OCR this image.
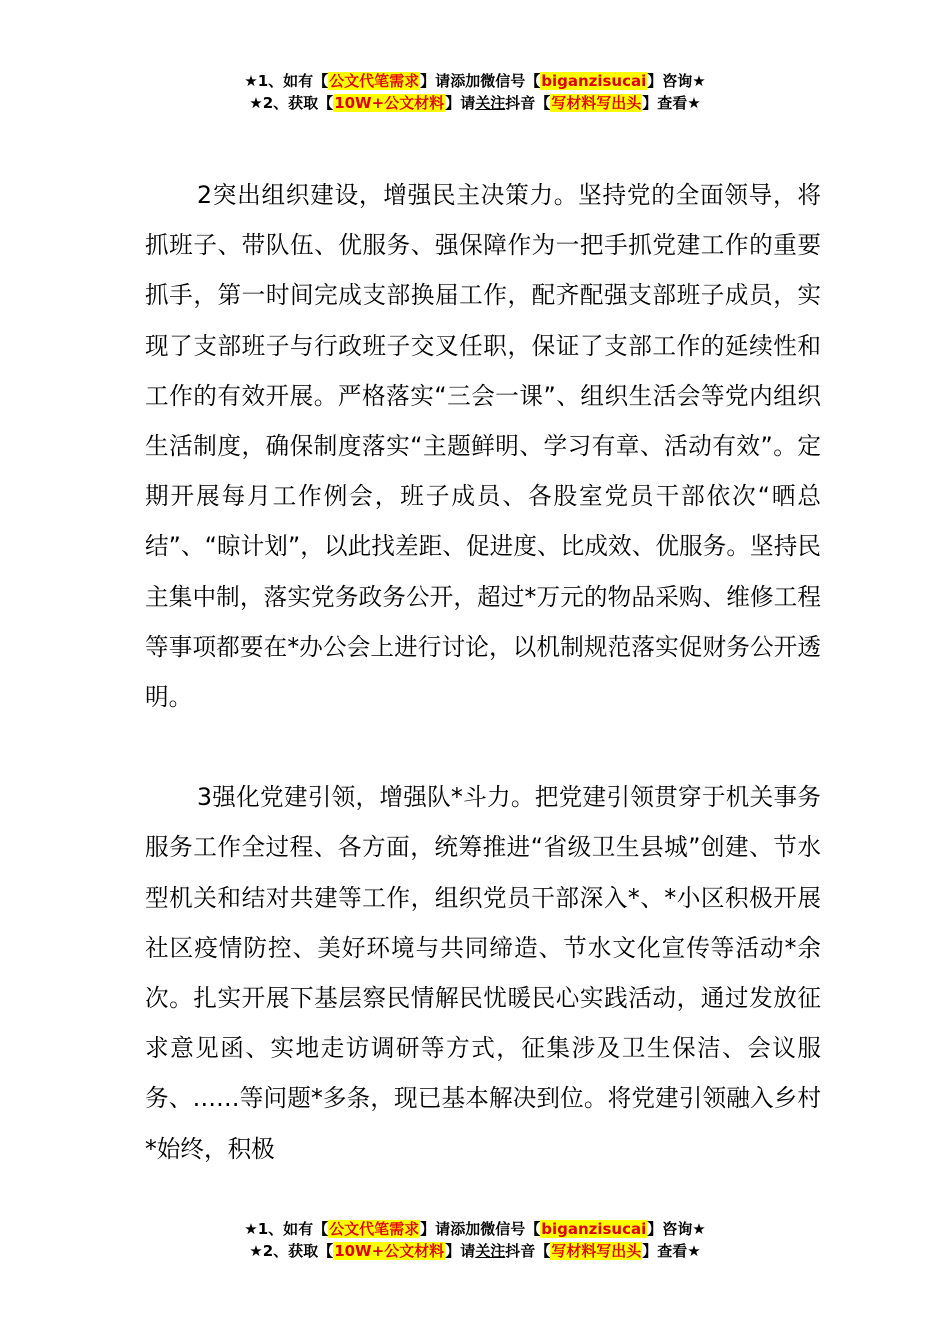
★1、如有【公文代笔需求】请添加微信号【biganzisucai】咨询★
★2、获取【10W+公文材料】请关注抖音【写材料写出头】查看★

2突出组织建设，增强民主决策力。坚持党的全面领导，将抓班子、带队伍、优服务、强保障作为一把手抓党建工作的重要抓手，第一时间完成支部换届工作，配齐配强支部班子成员，实现了支部班子与行政班子交叉任职，保证了支部工作的延续性和工作的有效开展。严格落实“三会一课”、组织生活会等党内组织生活制度，确保制度落实“主题鲜明、学习有章、活动有效”。定期开展每月工作例会，班子成员、各股室党员干部依次“晒总结”、“晾计划”，以此找差距、促进度、比成效、优服务。坚持民主集中制，落实党务政务公开，超过*万元的物品采购、维修工程等事项都要在*办公会上进行讨论，以机制规范落实促财务公开透明。

3强化党建引领，增强队*斗力。把党建引领贯穿于机关事务服务工作全过程、各方面，统筹推进“省级卫生县城”创建、节水型机关和结对共建等工作，组织党员干部深入*、*小区积极开展社区疫情防控、美好环境与共同缔造、节水文化宣传等活动*余次。扎实开展下基层察民情解民忧暖民心实践活动，通过发放征求意见函、实地走访调研等方式，征集涉及卫生保洁、会议服务、……等问题*多条，现已基本解决到位。将党建引领融入乡村*始终，积极

★1、如有【公文代笔需求】请添加微信号【biganzisucai】咨询★
★2、获取【10W+公文材料】请关注抖音【写材料写出头】查看★
